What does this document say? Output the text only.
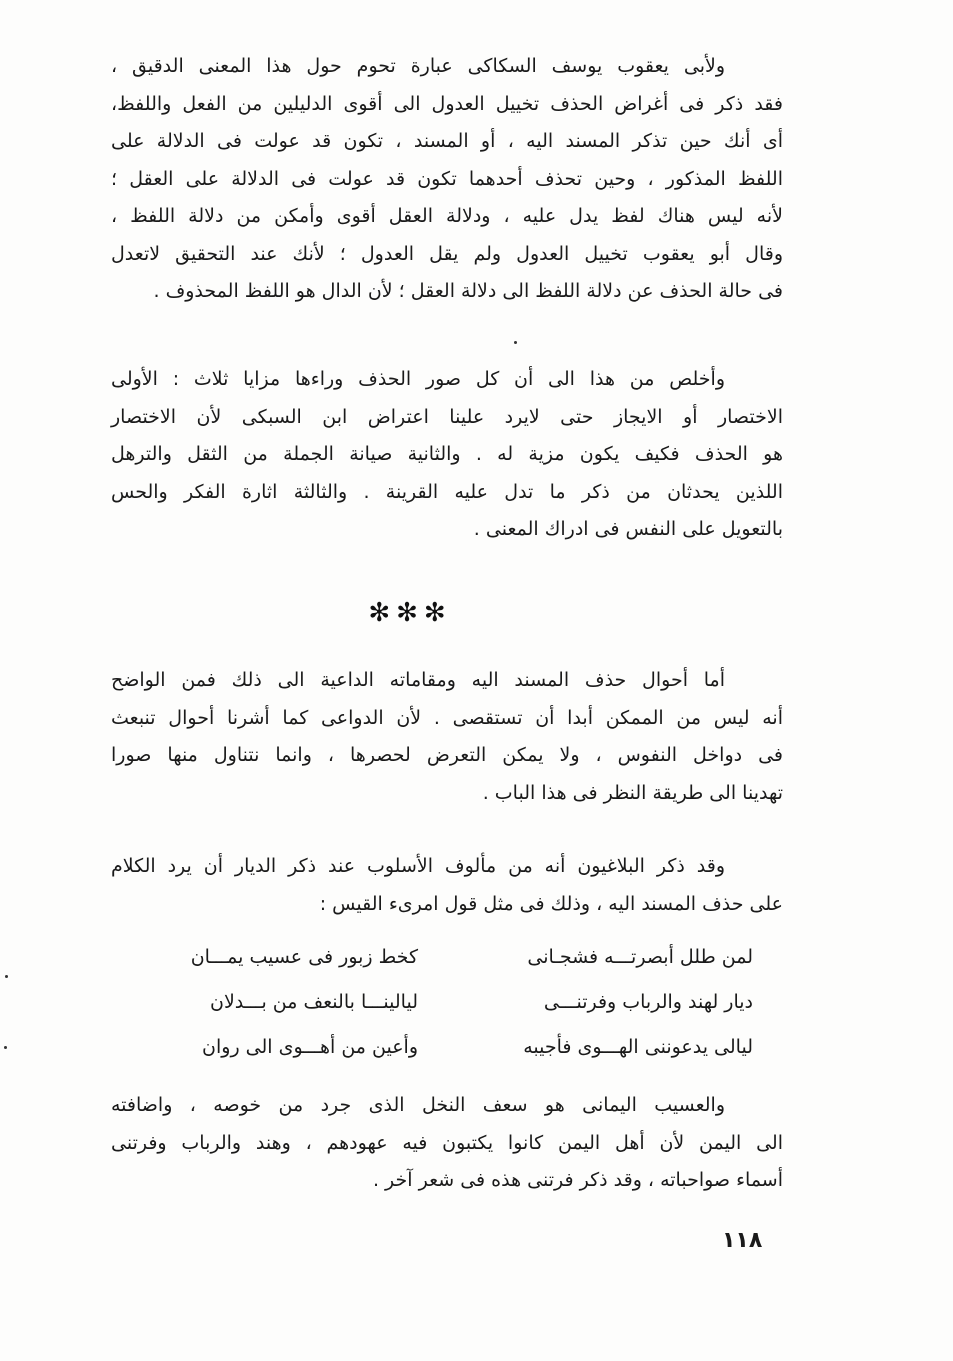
ولأبى يعقوب يوسف السكاكى عبارة تحوم حول هذا المعنى الدقيق ،
فقد ذكر فى أغراض الحذف تخييل العدول الى أقوى الدليلين من الفعل واللفظ،
أى أنك حين تذكر المسند اليه ، أو المسند ، تكون قد عولت فى الدلالة على
اللفظ المذكور ، وحين تحذف أحدهما تكون قد عولت فى الدلالة على العقل ؛
لأنه ليس هناك لفظ يدل عليه ، ودلالة العقل أقوى وأمكن من دلالة اللفظ ،
وقال أبو يعقوب تخييل العدول ولم يقل العدول ؛ لأنك عند التحقيق لاتعدل
فى حالة الحذف عن دلالة اللفظ الى دلالة العقل ؛ لأن الدال هو اللفظ المحذوف .
وأخلص من هذا الى أن كل صور الحذف وراءها مزايا ثلاث : الأولى
الاختصار أو الايجاز حتى لايرد علينا اعتراض ابن السبكى لأن الاختصار
هو الحذف فكيف يكون مزية له . والثانية صيانة الجملة من الثقل والترهل
اللذين يحدثان من ذكر ما تدل عليه القرينة . والثالثة اثارة الفكر والحس
بالتعويل على النفس فى ادراك المعنى .
✻✻✻
أما أحوال حذف المسند اليه ومقاماته الداعية الى ذلك فمن الواضح
أنه ليس من الممكن أبدا أن تستقصى . لأن الدواعى كما أشرنا أحوال تنبعث
فى دواخل النفوس ، ولا يمكن التعرض لحصرها ، وانما نتناول منها صورا
تهدينا الى طريقة النظر فى هذا الباب .
وقد ذكر البلاغيون أنه من مألوف الأسلوب عند ذكر الديار أن يرد الكلام
على حذف المسند اليه ، وذلك فى مثل قول امرىء القيس :
لمن طلل أبصرتـــه فشجـانى
كخط زبور فى عسيب يمـــان
ديار لهند والرباب وفرتنـــى
ليالينـــا بالنعف من بـــدلان
ليالى يدعوننى الهـــوى فأجيبه
وأعين من أهـــوى الى روان
والعسيب اليمانى هو سعف النخل الذى جرد من خوصه ، واضافته
الى اليمن لأن أهل اليمن كانوا يكتبون فيه عهودهم ، وهند والرباب وفرتنى
أسماء صواحباته ، وقد ذكر فرتنى هذه فى شعر آخر .
١١٨
